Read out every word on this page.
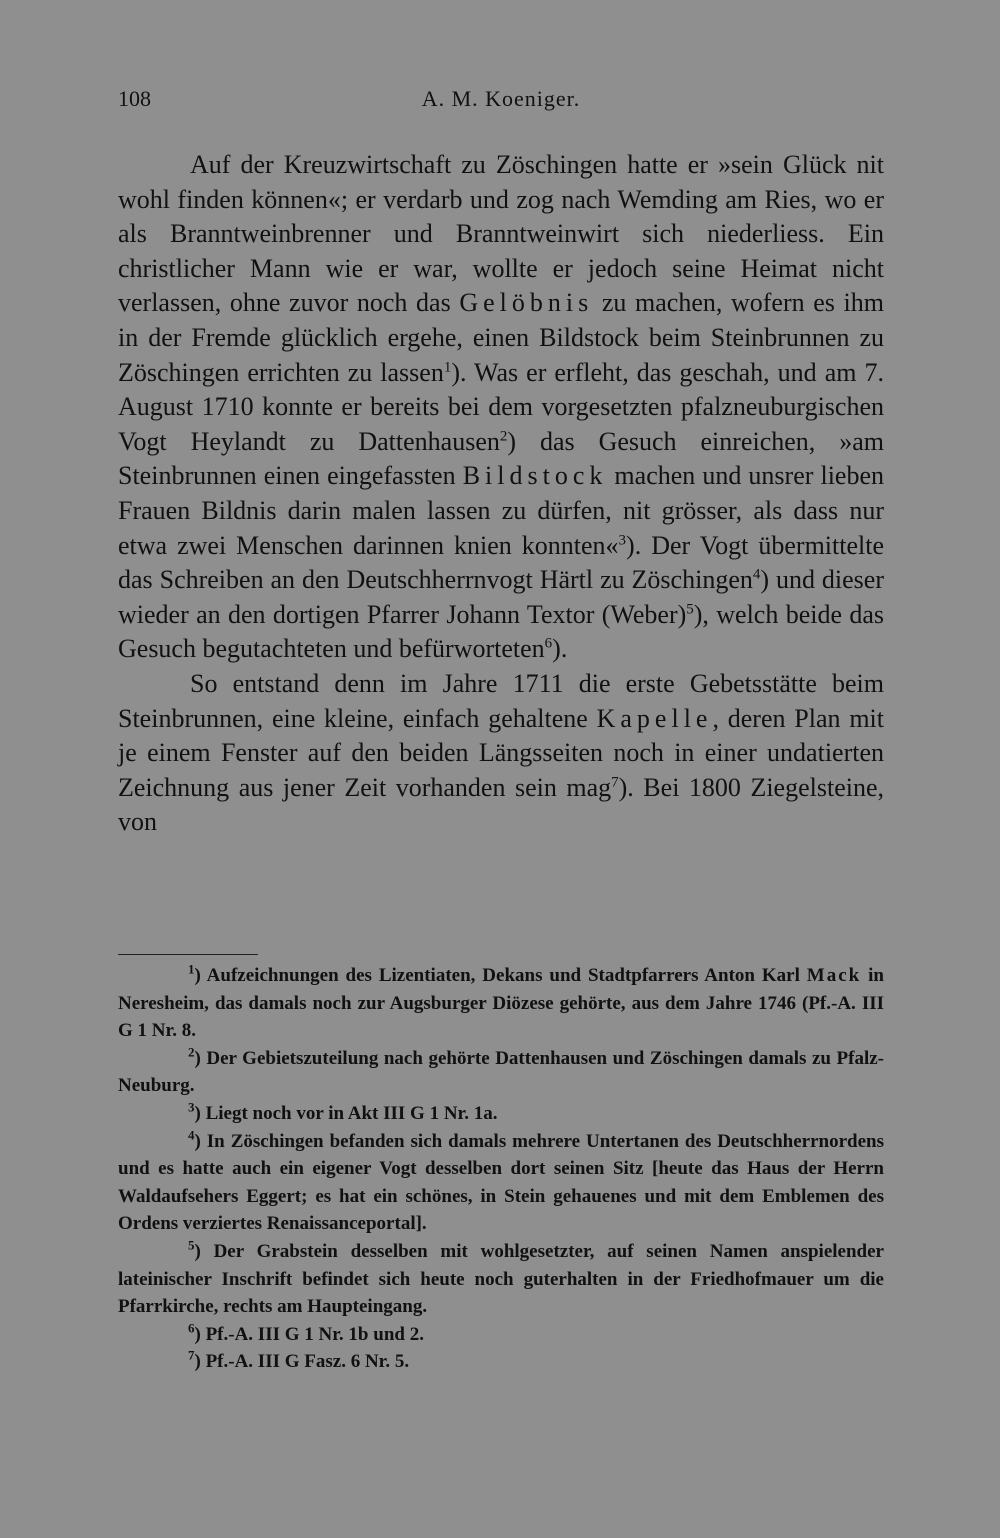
108	A. M. Koeniger.

Auf der Kreuzwirtschaft zu Zöschingen hatte er »sein Glück nit wohl finden können«; er verdarb und zog nach Wemding am Ries, wo er als Branntweinbrenner und Branntweinwirt sich niederliess. Ein christlicher Mann wie er war, wollte er jedoch seine Heimat nicht verlassen, ohne zuvor noch das Gelöbnis zu machen, wofern es ihm in der Fremde glücklich ergehe, einen Bildstock beim Steinbrunnen zu Zöschingen errichten zu lassen$^1$). Was er erfleht, das geschah, und am 7. August 1710 konnte er bereits bei dem vorgesetzten pfalzneuburgischen Vogt Heylandt zu Dattenhausen$^2$) das Gesuch einreichen, »am Steinbrunnen einen eingefassten Bildstock machen und unsrer lieben Frauen Bildnis darin malen lassen zu dürfen, nit grösser, als dass nur etwa zwei Menschen darinnen knien konnten«$^3$). Der Vogt übermittelte das Schreiben an den Deutschherrnvogt Härtl zu Zöschingen$^4$) und dieser wieder an den dortigen Pfarrer Johann Textor (Weber)$^5$), welch beide das Gesuch begutachteten und befürworteten$^6$).

So entstand denn im Jahre 1711 die erste Gebetsstätte beim Steinbrunnen, eine kleine, einfach gehaltene Kapelle, deren Plan mit je einem Fenster auf den beiden Längsseiten noch in einer undatierten Zeichnung aus jener Zeit vorhanden sein mag$^7$). Bei 1800 Ziegelsteine, von

$^1$) Aufzeichnungen des Lizentiaten, Dekans und Stadtpfarrers Anton Karl Mack in Neresheim, das damals noch zur Augsburger Diözese gehörte, aus dem Jahre 1746 (Pf.-A. III G 1 Nr. 8.

$^2$) Der Gebietszuteilung nach gehörte Dattenhausen und Zöschingen damals zu Pfalz-Neuburg.

$^3$) Liegt noch vor in Akt III G 1 Nr. 1a.

$^4$) In Zöschingen befanden sich damals mehrere Untertanen des Deutschherrnordens und es hatte auch ein eigener Vogt desselben dort seinen Sitz [heute das Haus der Herrn Waldaufsehers Eggert; es hat ein schönes, in Stein gehauenes und mit dem Emblemen des Ordens verziertes Renaissanceportal].

$^5$) Der Grabstein desselben mit wohlgesetzter, auf seinen Namen anspielender lateinischer Inschrift befindet sich heute noch guterhalten in der Friedhofmauer um die Pfarrkirche, rechts am Haupteingang.

$^6$) Pf.-A. III G 1 Nr. 1b und 2.

$^7$) Pf.-A. III G Fasz. 6 Nr. 5.
